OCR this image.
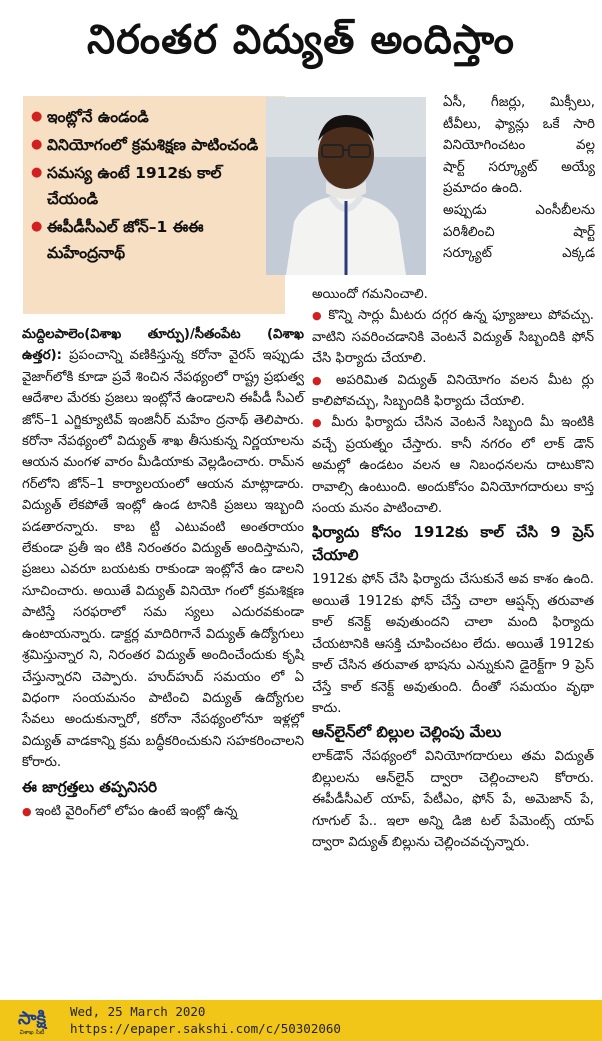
నిరంతర విద్యుత్ అందిస్తాం
● ఇంట్లోనే ఉండండి
● వినియోగంలో క్రమశిక్షణ పాటించండి
● సమస్య ఉంటే 1912కు కాల్ చేయండి
● ఈపీడీసీఎల్ జోన్–1 ఈఈ మహేంద్రనాథ్
ఏసీ, గీజర్లు, మిక్సీలు,
టీవీలు, ఫ్యాన్లు ఒకే సారి
వినియోగించటం వల్ల
షార్ట్ సర్క్యూట్ అయ్యే
ప్రమాదం ఉంది.
అప్పుడు ఎంసీబీలను
పరిశీలించి షార్ట్
సర్క్యూట్ ఎక్కడ

అయిందో గమనించాలి.

● కొన్ని సార్లు మీటరు దగ్గర ఉన్న ఫ్యూజులు పోవచ్చు. వాటిని సవరించడానికి వెంటనే విద్యుత్ సిబ్బందికి ఫోన్ చేసి ఫిర్యాదు చేయాలి.

● అపరిమిత విద్యుత్ వినియోగం వలన మీట ర్లు కాలిపోవచ్చు, సిబ్బందికి ఫిర్యాదు చేయాలి.

● మీరు ఫిర్యాదు చేసిన వెంటనే సిబ్బంది మీ ఇంటికి వచ్చే ప్రయత్నం చేస్తారు. కానీ నగరం లో లాక్ డౌన్ అమల్లో ఉండటం వలన ఆ నిబంధనలను దాటుకొని రావాల్సి ఉంటుంది. అందుకోసం వినియోగదారులు కాస్త సంయ మనం పాటించాలి.

ఫిర్యాదు కోసం 1912కు కాల్ చేసి 9 ప్రెస్ చేయాలి

1912కు ఫోన్ చేసి ఫిర్యాదు చేసుకునే అవ కాశం ఉంది. అయితే 1912కు ఫోన్ చేస్తే చాలా ఆప్షన్స్ తరువాత కాల్ కనెక్ట్ అవుతుందని చాలా మంది ఫిర్యాదు చేయటానికి ఆసక్తి చూపించటం లేదు. అయితే 1912కు కాల్ చేసిన తరువాత భాషను ఎన్నుకుని డైరెక్ట్‌గా 9 ప్రెస్ చేస్తే కాల్ కనెక్ట్ అవుతుంది. దీంతో సమయం వృథా కాదు.

ఆన్‌లైన్‌లో బిల్లుల చెల్లింపు మేలు

లాక్‌డౌన్ నేపథ్యంలో వినియోగదారులు తమ విద్యుత్ బిల్లులను ఆన్‌లైన్ ద్వారా చెల్లించాలని కోరారు. ఈపీడీసీఎల్ యాప్, పేటీఎం, ఫోన్ పే, అమెజాన్ పే, గూగుల్ పే.. ఇలా అన్ని డిజి టల్ పేమెంట్స్ యాప్ ద్వారా విద్యుత్ బిల్లును చెల్లించవచ్చన్నారు.

మద్దిలపాలెం(విశాఖ తూర్పు)/సీతంపేట (విశాఖ ఉత్తర): ప్రపంచాన్ని వణికిస్తున్న కరోనా వైరస్ ఇప్పుడు వైజాగ్‌లోకి కూడా ప్రవే శించిన నేపథ్యంలో రాష్ట్ర ప్రభుత్వ ఆదేశాల మేరకు ప్రజలు ఇంట్లోనే ఉండాలని ఈపీడీ సీఎల్ జోన్–1 ఎగ్జిక్యూటివ్ ఇంజినీర్ మహేం ద్రనాథ్ తెలిపారు. కరోనా నేపథ్యంలో విద్యుత్ శాఖ తీసుకున్న నిర్ణయాలను ఆయన మంగళ వారం మీడియాకు వెల్లడించారు. రామ్‌న గర్‌లోని జోన్–1 కార్యాలయంలో ఆయన మాట్లాడారు. విద్యుత్ లేకపోతే ఇంట్లో ఉండ టానికి ప్రజలు ఇబ్బంది పడతారన్నారు. కాబ ట్టి ఎటువంటి అంతరాయం లేకుండా ప్రతీ ఇం టికి నిరంతరం విద్యుత్ అందిస్తామని, ప్రజలు ఎవరూ బయటకు రాకుండా ఇంట్లోనే ఉం డాలని సూచించారు. అయితే విద్యుత్ వినియో గంలో క్రమశిక్షణ పాటిస్తే సరఫరాలో సమ స్యలు ఎదురవకుండా ఉంటాయన్నారు. డాక్టర్ల మాదిరిగానే విద్యుత్ ఉద్యోగులు శ్రమిస్తున్నార ని, నిరంతర విద్యుత్ అందించేందుకు కృషి చేస్తున్నారని చెప్పారు. హుద్‌హుద్ సమయం లో ఏ విధంగా సంయమనం పాటించి విద్యుత్ ఉద్యోగుల సేవలు అందుకున్నారో, కరోనా నేపథ్యంలోనూ ఇళ్లల్లో విద్యుత్ వాడకాన్ని క్రమ బద్ధీకరించుకుని సహకరించాలని కోరారు.

ఈ జాగ్రత్తలు తప్పనిసరి

● ఇంటి వైరింగ్‌లో లోపం ఉంటే ఇంట్లో ఉన్న

సాక్షి
విశాఖ సిటీ
Wed, 25 March 2020
https://epaper.sakshi.com/c/50302060
